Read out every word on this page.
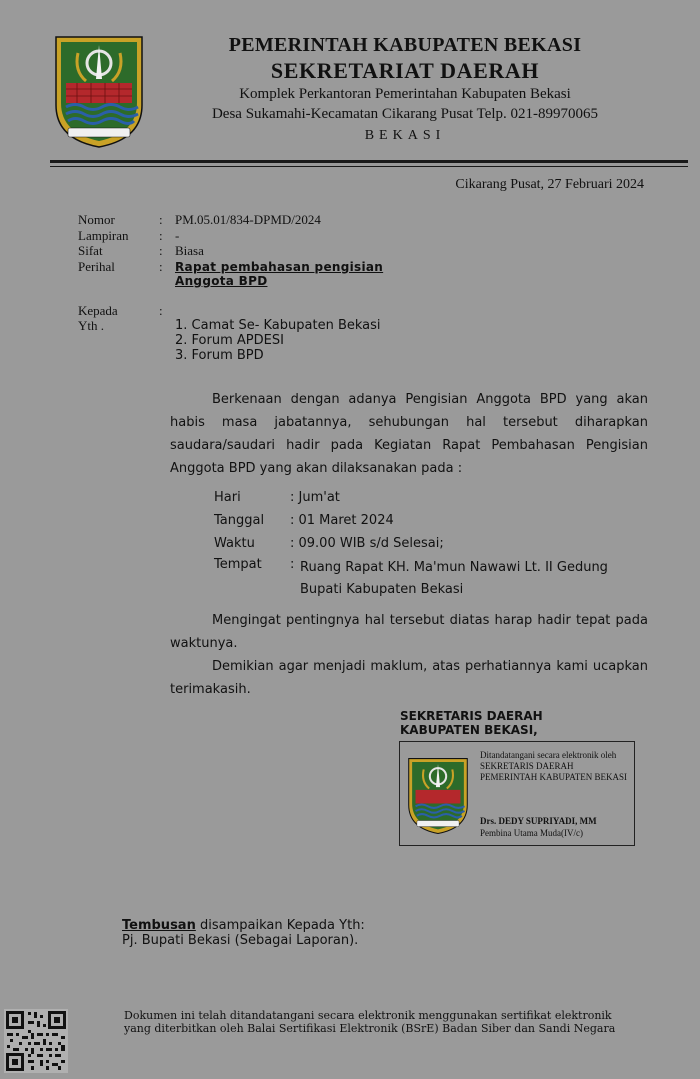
PEMERINTAH KABUPATEN BEKASI
SEKRETARIAT DAERAH
Komplek Perkantoran Pemerintahan Kabupaten Bekasi
Desa Sukamahi-Kecamatan Cikarang Pusat Telp. 021-89970065
BEKASI
Cikarang Pusat, 27 Februari 2024
Nomor	: PM.05.01/834-DPMD/2024
Lampiran : -
Sifat	: Biasa
Perihal	: Rapat pembahasan pengisian
Anggota BPD
Kepada	:
Yth .	1. Camat Se- Kabupaten Bekasi
2. Forum APDESI
3. Forum BPD
Berkenaan dengan adanya Pengisian Anggota BPD yang akan habis masa jabatannya, sehubungan hal tersebut diharapkan saudara/saudari hadir pada Kegiatan Rapat Pembahasan Pengisian Anggota BPD yang akan dilaksanakan pada :
Hari	: Jum'at
Tanggal : 01 Maret 2024
Waktu	: 09.00 WIB s/d Selesai;
Tempat : Ruang Rapat KH. Ma'mun Nawawi Lt. II Gedung Bupati Kabupaten Bekasi
Mengingat pentingnya hal tersebut diatas harap hadir tepat pada waktunya.
Demikian agar menjadi maklum, atas perhatiannya kami ucapkan terimakasih.
SEKRETARIS DAERAH
KABUPATEN BEKASI,
Ditandatangani secara elektronik oleh
SEKRETARIS DAERAH
PEMERINTAH KABUPATEN BEKASI
Drs. DEDY SUPRIYADI, MM
Pembina Utama Muda(IV/c)
Tembusan disampaikan Kepada Yth:
Pj. Bupati Bekasi (Sebagai Laporan).
Dokumen ini telah ditandatangani secara elektronik menggunakan sertifikat elektronik
yang diterbitkan oleh Balai Sertifikasi Elektronik (BSrE) Badan Siber dan Sandi Negara
